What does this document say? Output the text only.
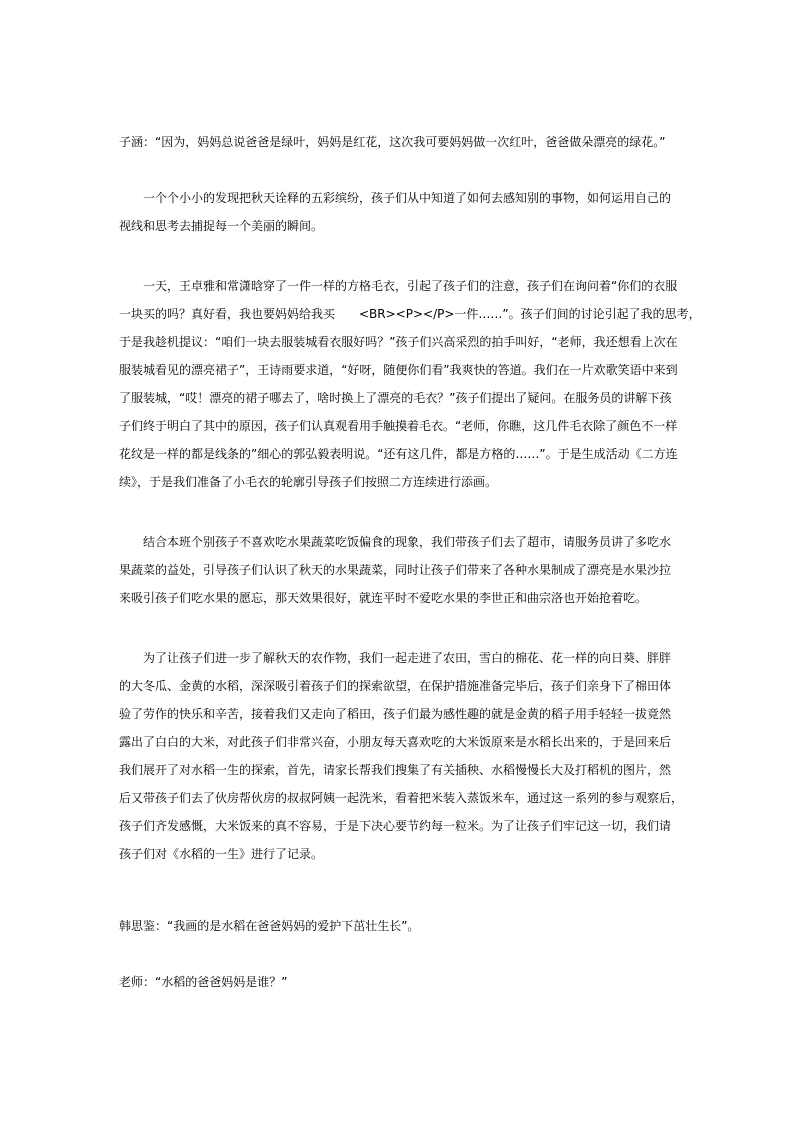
子涵：“因为，妈妈总说爸爸是绿叶，妈妈是红花，这次我可要妈妈做一次红叶，爸爸做朵漂亮的绿花。”

一个个小小的发现把秋天诠释的五彩缤纷，孩子们从中知道了如何去感知别的事物，如何运用自己的
视线和思考去捕捉每一个美丽的瞬间。

一天，王卓雅和常潇晗穿了一件一样的方格毛衣，引起了孩子们的注意，孩子们在询问着“你们的衣服
一块买的吗？真好看，我也要妈妈给我买　　<BR><P></P>一件……”。孩子们间的讨论引起了我的思考，
于是我趁机提议：“咱们一块去服装城看衣服好吗？”孩子们兴高采烈的拍手叫好，“老师，我还想看上次在
服装城看见的漂亮裙子”，王诗雨要求道，“好呀，随便你们看”我爽快的答道。我们在一片欢歌笑语中来到
了服装城，“哎！漂亮的裙子哪去了，啥时换上了漂亮的毛衣？”孩子们提出了疑问。在服务员的讲解下孩
子们终于明白了其中的原因，孩子们认真观看用手触摸着毛衣。“老师，你瞧，这几件毛衣除了颜色不一样
花纹是一样的都是线条的”细心的郭弘毅表明说。“还有这几件，都是方格的……”。于是生成活动《二方连
续》，于是我们准备了小毛衣的轮廓引导孩子们按照二方连续进行添画。

结合本班个别孩子不喜欢吃水果蔬菜吃饭偏食的现象，我们带孩子们去了超市，请服务员讲了多吃水
果蔬菜的益处，引导孩子们认识了秋天的水果蔬菜，同时让孩子们带来了各种水果制成了漂亮是水果沙拉
来吸引孩子们吃水果的愿忘，那天效果很好，就连平时不爱吃水果的李世正和曲宗洛也开始抢着吃。

为了让孩子们进一步了解秋天的农作物，我们一起走进了农田，雪白的棉花、花一样的向日葵、胖胖
的大冬瓜、金黄的水稻，深深吸引着孩子们的探索欲望，在保护措施准备完毕后，孩子们亲身下了棉田体
验了劳作的快乐和辛苦，接着我们又走向了稻田，孩子们最为感性趣的就是金黄的稻子用手轻轻一拔竟然
露出了白白的大米，对此孩子们非常兴奋，小朋友每天喜欢吃的大米饭原来是水稻长出来的，于是回来后
我们展开了对水稻一生的探索，首先，请家长帮我们搜集了有关插秧、水稻慢慢长大及打稻机的图片，然
后又带孩子们去了伙房帮伙房的叔叔阿姨一起洗米，看着把米装入蒸饭米车，通过这一系列的参与观察后，
孩子们齐发感慨，大米饭来的真不容易，于是下决心要节约每一粒米。为了让孩子们牢记这一切，我们请
孩子们对《水稻的一生》进行了记录。

韩思鉴：“我画的是水稻在爸爸妈妈的爱护下茁壮生长”。

老师：“水稻的爸爸妈妈是谁？”
